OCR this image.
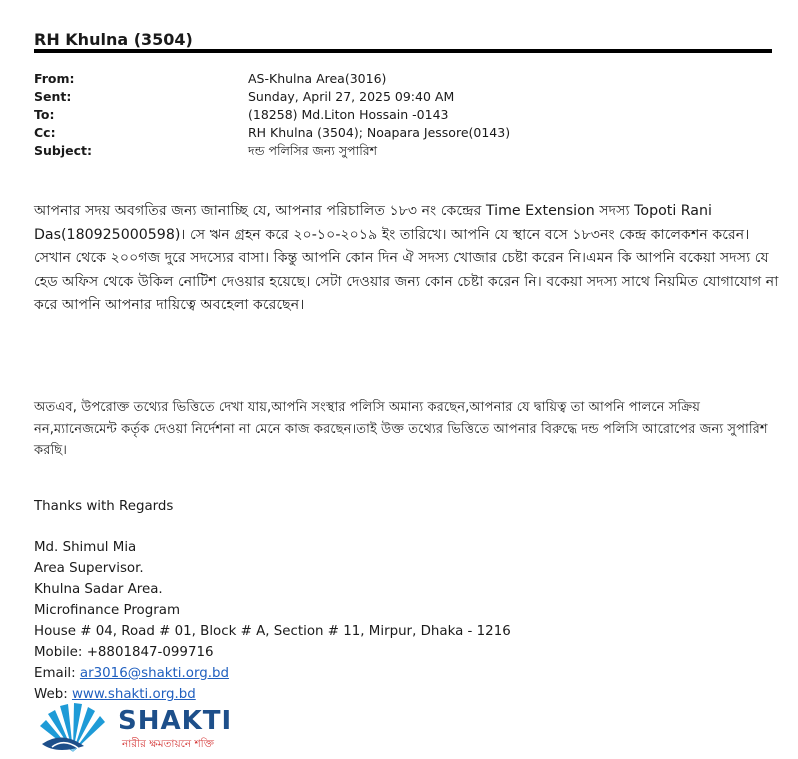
RH Khulna (3504)
From:	AS-Khulna Area(3016)
Sent:	Sunday, April 27, 2025 09:40 AM
To:	(18258) Md.Liton Hossain -0143
Cc:	RH Khulna (3504); Noapara Jessore(0143)
Subject:	দন্ড পলিসির জন্য সুপারিশ
আপনার সদয় অবগতির জন্য জানাচ্ছি যে, আপনার পরিচালিত ১৮৩ নং কেন্দ্রের Time Extension সদস্য Topoti Rani Das(180925000598)। সে ঋন গ্রহন করে ২০-১০-২০১৯ ইং তারিখে। আপনি যে স্থানে বসে ১৮৩নং কেন্দ্র কালেকশন করেন।সেখান থেকে ২০০গজ দুরে সদস্যের বাসা। কিন্তু আপনি কোন দিন ঐ সদস্য খোজার চেষ্টা করেন নি।এমন কি আপনি বকেয়া সদস্য যে হেড অফিস থেকে উকিল নোটিশ দেওয়ার হয়েছে। সেটা দেওয়ার জন্য কোন চেষ্টা করেন নি। বকেয়া সদস্য সাথে নিয়মিত যোগাযোগ না করে আপনি আপনার দায়িত্বে অবহেলা করেছেন।
অতএব, উপরোক্ত তথ্যের ভিত্তিতে দেখা যায়,আপনি সংস্থার পলিসি অমান্য করছেন,আপনার যে দ্বায়িত্ব তা আপনি পালনে সক্রিয় নন,ম্যানেজমেন্ট কর্তৃক দেওয়া নির্দেশনা না মেনে কাজ করছেন।তাই উক্ত তথ্যের ভিত্তিতে আপনার বিরুদ্ধে দন্ড পলিসি আরোপের জন্য সুপারিশ করছি।
Thanks with Regards
Md. Shimul Mia
Area Supervisor.
Khulna Sadar Area.
Microfinance Program
House # 04, Road # 01, Block # A, Section # 11, Mirpur, Dhaka - 1216
Mobile: +8801847-099716
Email: ar3016@shakti.org.bd
Web: www.shakti.org.bd
SHAKTI
নারীর ক্ষমতায়নে শক্তি
